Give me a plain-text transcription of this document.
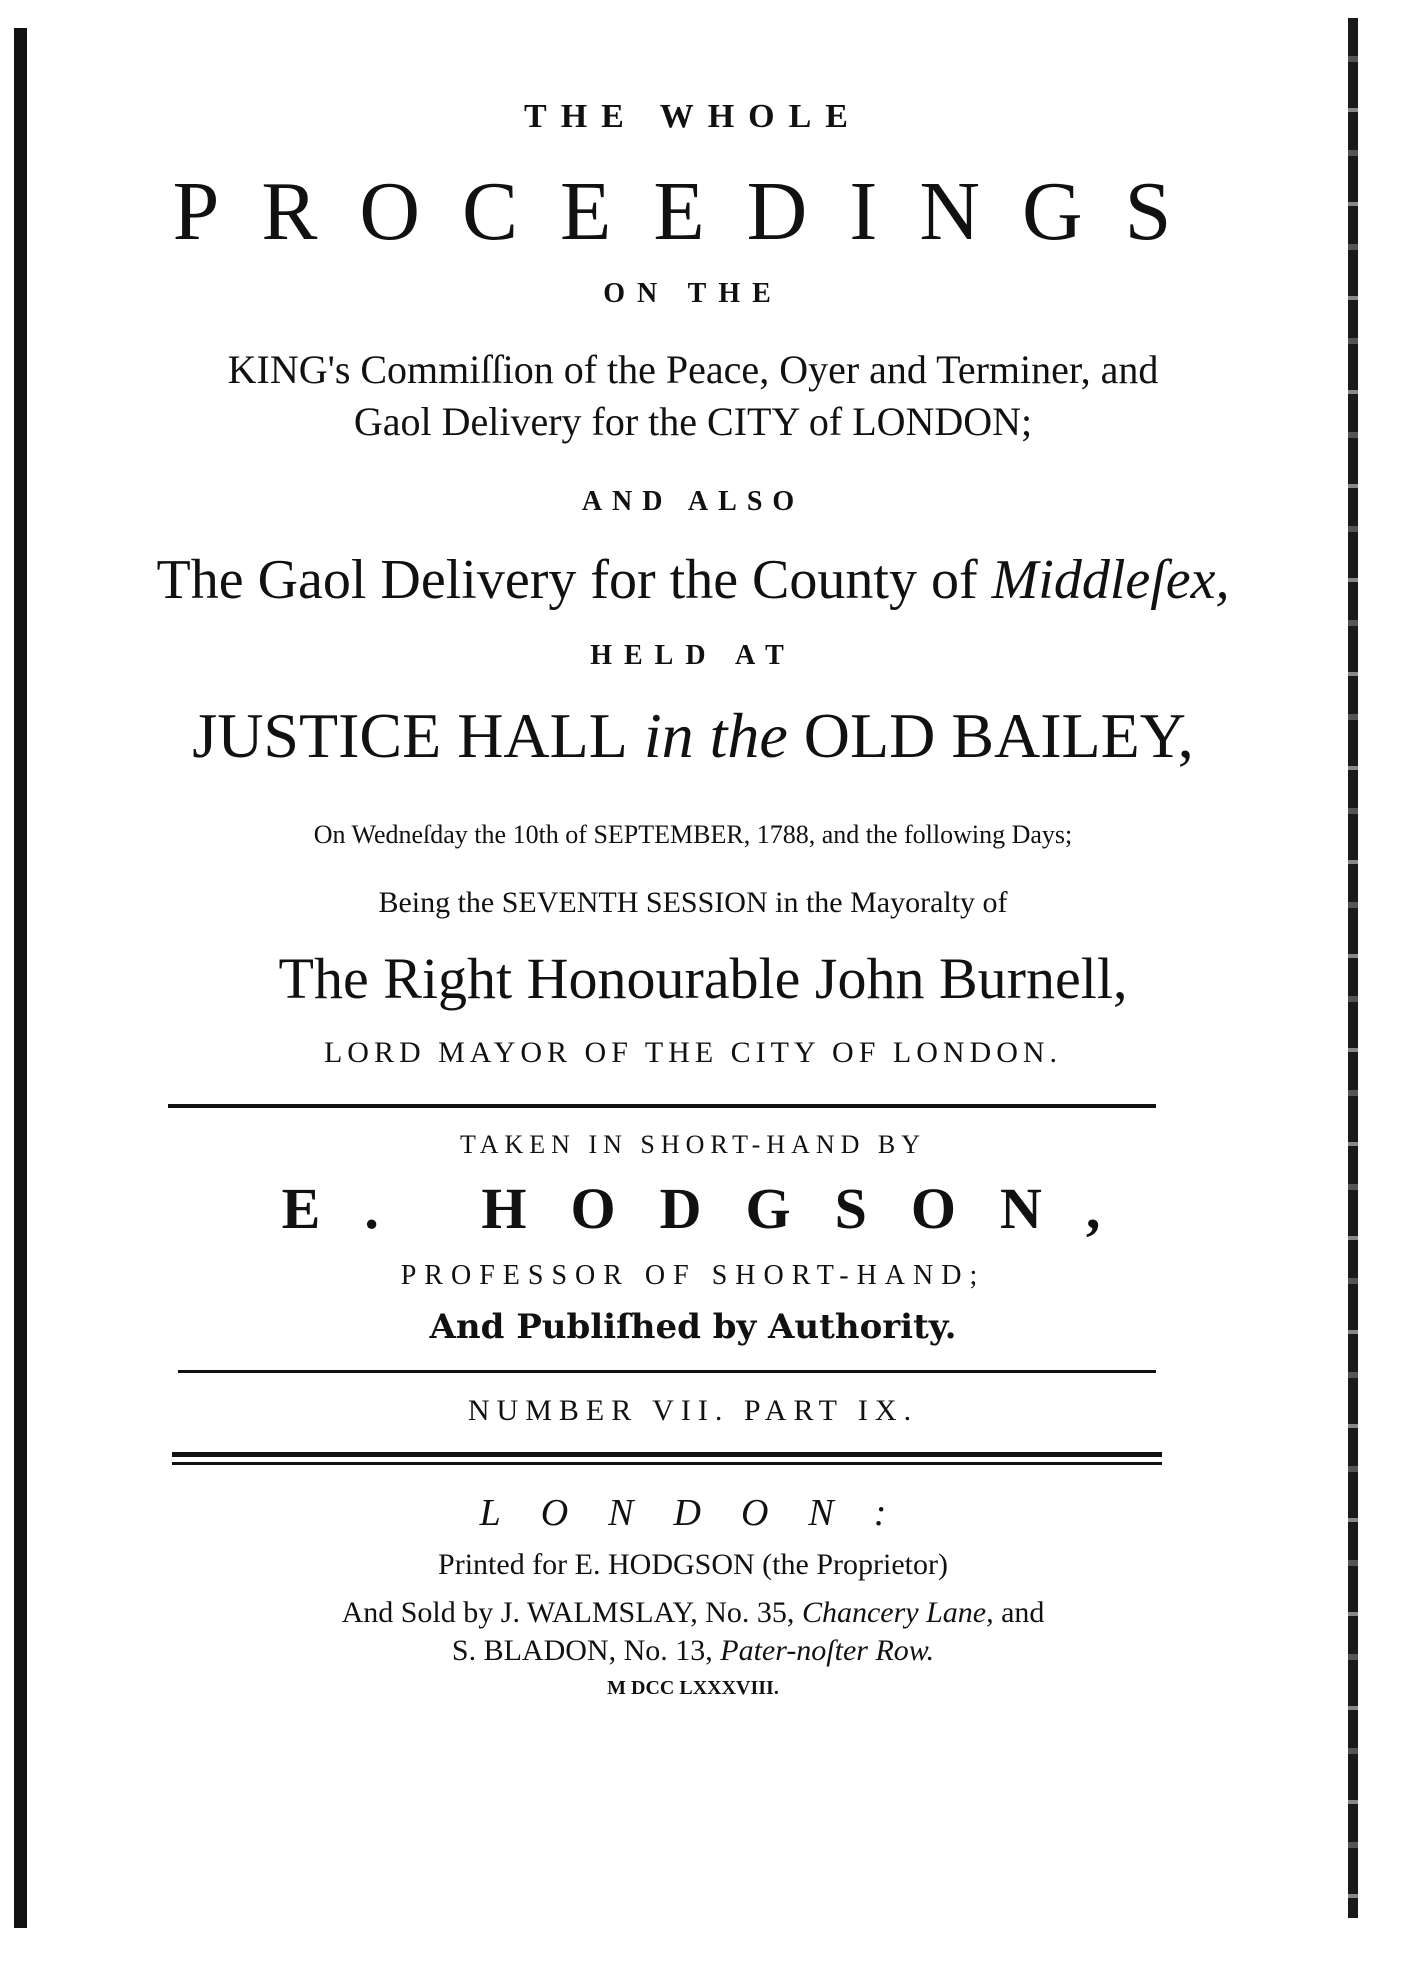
THE WHOLE
PROCEEDINGS
ON THE
KING's Commiſſion of the Peace, Oyer and Terminer, and
Gaol Delivery for the CITY of LONDON;
AND ALSO
The Gaol Delivery for the County of Middleſex,
HELD AT
JUSTICE HALL in the OLD BAILEY,
On Wedneſday the 10th of SEPTEMBER, 1788, and the following Days;
Being the SEVENTH SESSION in the Mayoralty of
The Right Honourable John Burnell,
LORD MAYOR OF THE CITY OF LONDON.
TAKEN IN SHORT-HAND BY
E. HODGSON,
PROFESSOR OF SHORT-HAND;
And Publiſhed by Authority.
NUMBER VII. PART IX.
LONDON:
Printed for E. HODGSON (the Proprietor)
And Sold by J. WALMSLAY, No. 35, Chancery Lane, and
S. BLADON, No. 13, Pater-noſter Row.
M DCC LXXXVIII.
